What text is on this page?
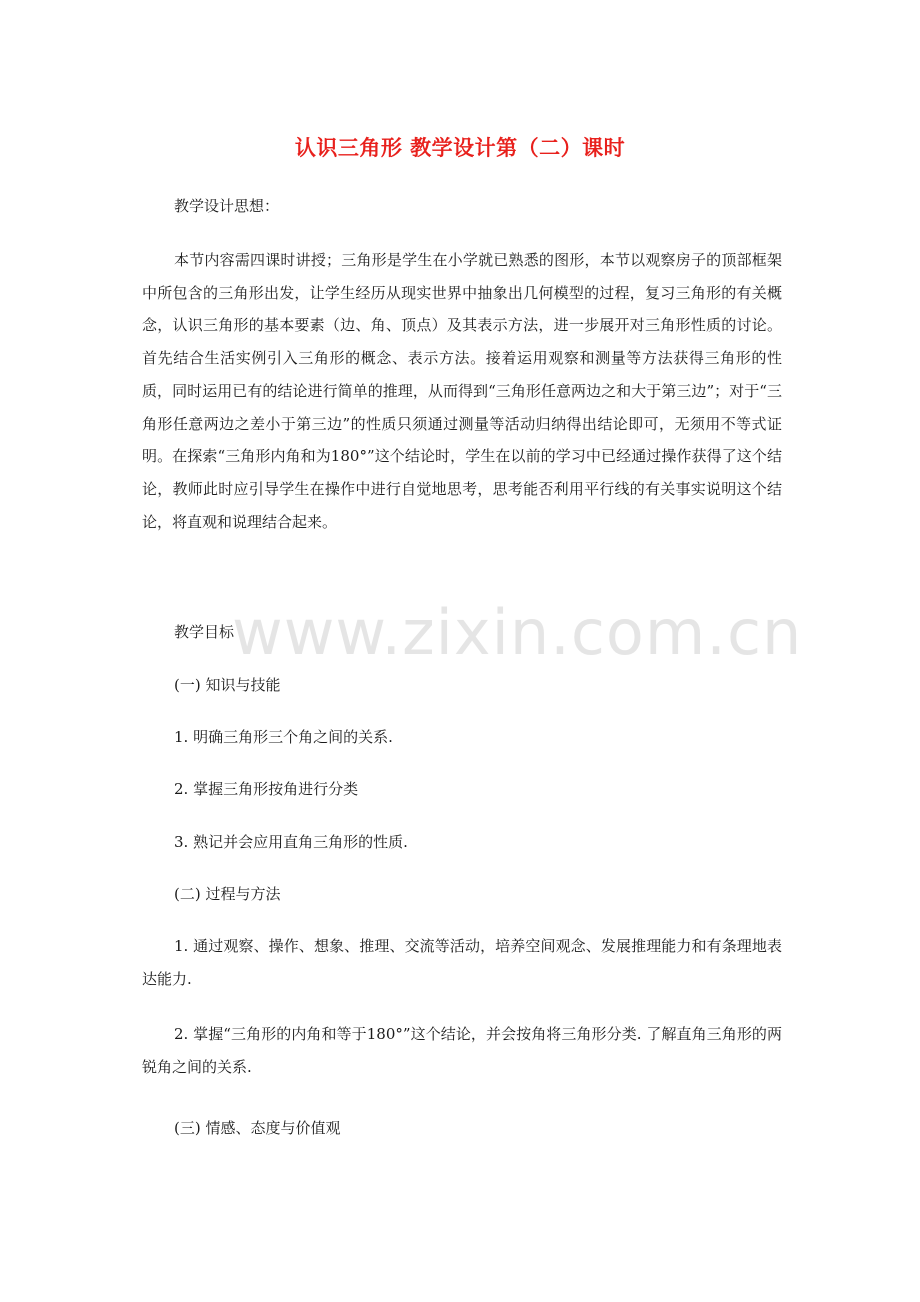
认识三角形 教学设计第（二）课时
教学设计思想：
本节内容需四课时讲授；三角形是学生在小学就已熟悉的图形，本节以观察房子的顶部框架中所包含的三角形出发，让学生经历从现实世界中抽象出几何模型的过程，复习三角形的有关概念，认识三角形的基本要素（边、角、顶点）及其表示方法，进一步展开对三角形性质的讨论。首先结合生活实例引入三角形的概念、表示方法。接着运用观察和测量等方法获得三角形的性质，同时运用已有的结论进行简单的推理，从而得到“三角形任意两边之和大于第三边”；对于“三角形任意两边之差小于第三边”的性质只须通过测量等活动归纳得出结论即可，无须用不等式证明。在探索“三角形内角和为180°”这个结论时，学生在以前的学习中已经通过操作获得了这个结论，教师此时应引导学生在操作中进行自觉地思考，思考能否利用平行线的有关事实说明这个结论，将直观和说理结合起来。
教学目标
(一) 知识与技能
1. 明确三角形三个角之间的关系.
2. 掌握三角形按角进行分类
3. 熟记并会应用直角三角形的性质.
(二) 过程与方法
1. 通过观察、操作、想象、推理、交流等活动，培养空间观念、发展推理能力和有条理地表达能力.
2. 掌握“三角形的内角和等于180°”这个结论，并会按角将三角形分类. 了解直角三角形的两锐角之间的关系.
(三) 情感、态度与价值观
www.zixin.com.cn
